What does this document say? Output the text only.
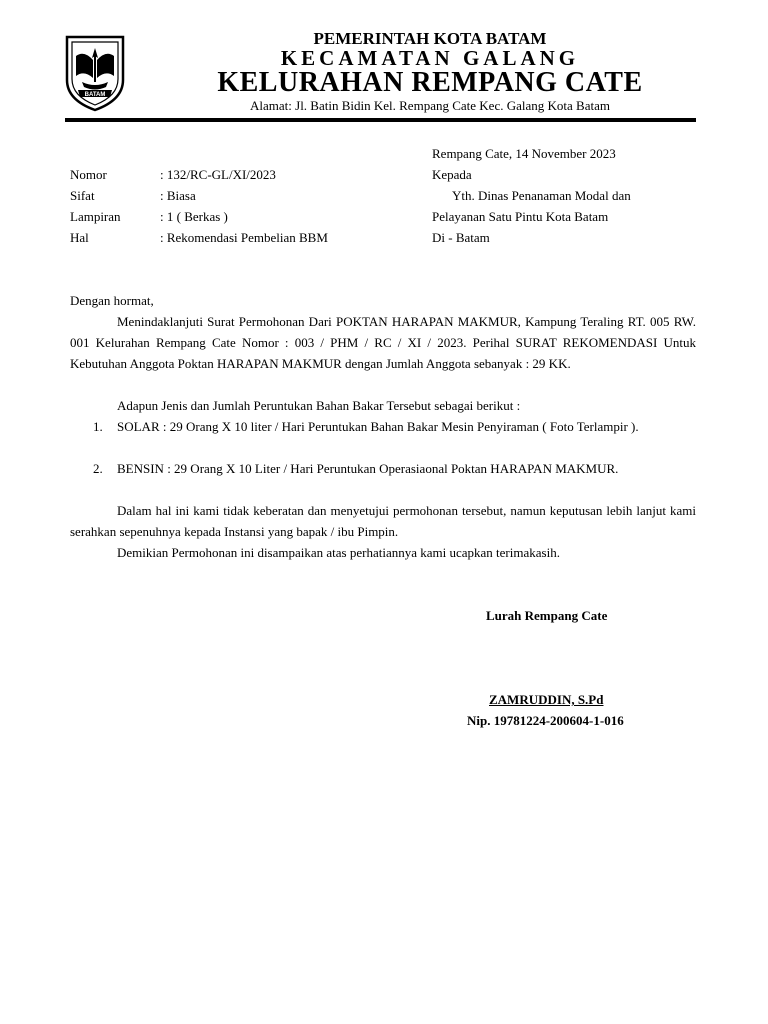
BATAM
PEMERINTAH KOTA BATAM
KECAMATAN GALANG
KELURAHAN REMPANG CATE
Alamat: Jl. Batin Bidin Kel. Rempang Cate Kec. Galang Kota Batam
Rempang Cate, 14 November 2023
Kepada
Yth. Dinas Penanaman Modal dan
Pelayanan Satu Pintu Kota Batam
Di - Batam
Nomor	: 132/RC-GL/XI/2023
Sifat	: Biasa
Lampiran	: 1 ( Berkas )
Hal	: Rekomendasi Pembelian BBM
Dengan hormat,
Menindaklanjuti Surat Permohonan Dari POKTAN HARAPAN MAKMUR, Kampung Teraling RT. 005 RW. 001 Kelurahan Rempang Cate Nomor : 003 / PHM / RC / XI / 2023. Perihal SURAT REKOMENDASI Untuk Kebutuhan Anggota Poktan HARAPAN MAKMUR dengan Jumlah Anggota sebanyak : 29 KK.
Adapun Jenis dan Jumlah Peruntukan Bahan Bakar Tersebut sebagai berikut :
1. SOLAR : 29 Orang X 10 liter / Hari Peruntukan Bahan Bakar Mesin Penyiraman ( Foto Terlampir ).
2. BENSIN : 29 Orang X 10 Liter / Hari Peruntukan Operasiaonal Poktan HARAPAN MAKMUR.
Dalam hal ini kami tidak keberatan dan menyetujui permohonan tersebut, namun keputusan lebih lanjut kami serahkan sepenuhnya kepada Instansi yang bapak / ibu Pimpin.
Demikian Permohonan ini disampaikan atas perhatiannya kami ucapkan terimakasih.
Lurah Rempang Cate
ZAMRUDDIN, S.Pd
Nip. 19781224-200604-1-016
